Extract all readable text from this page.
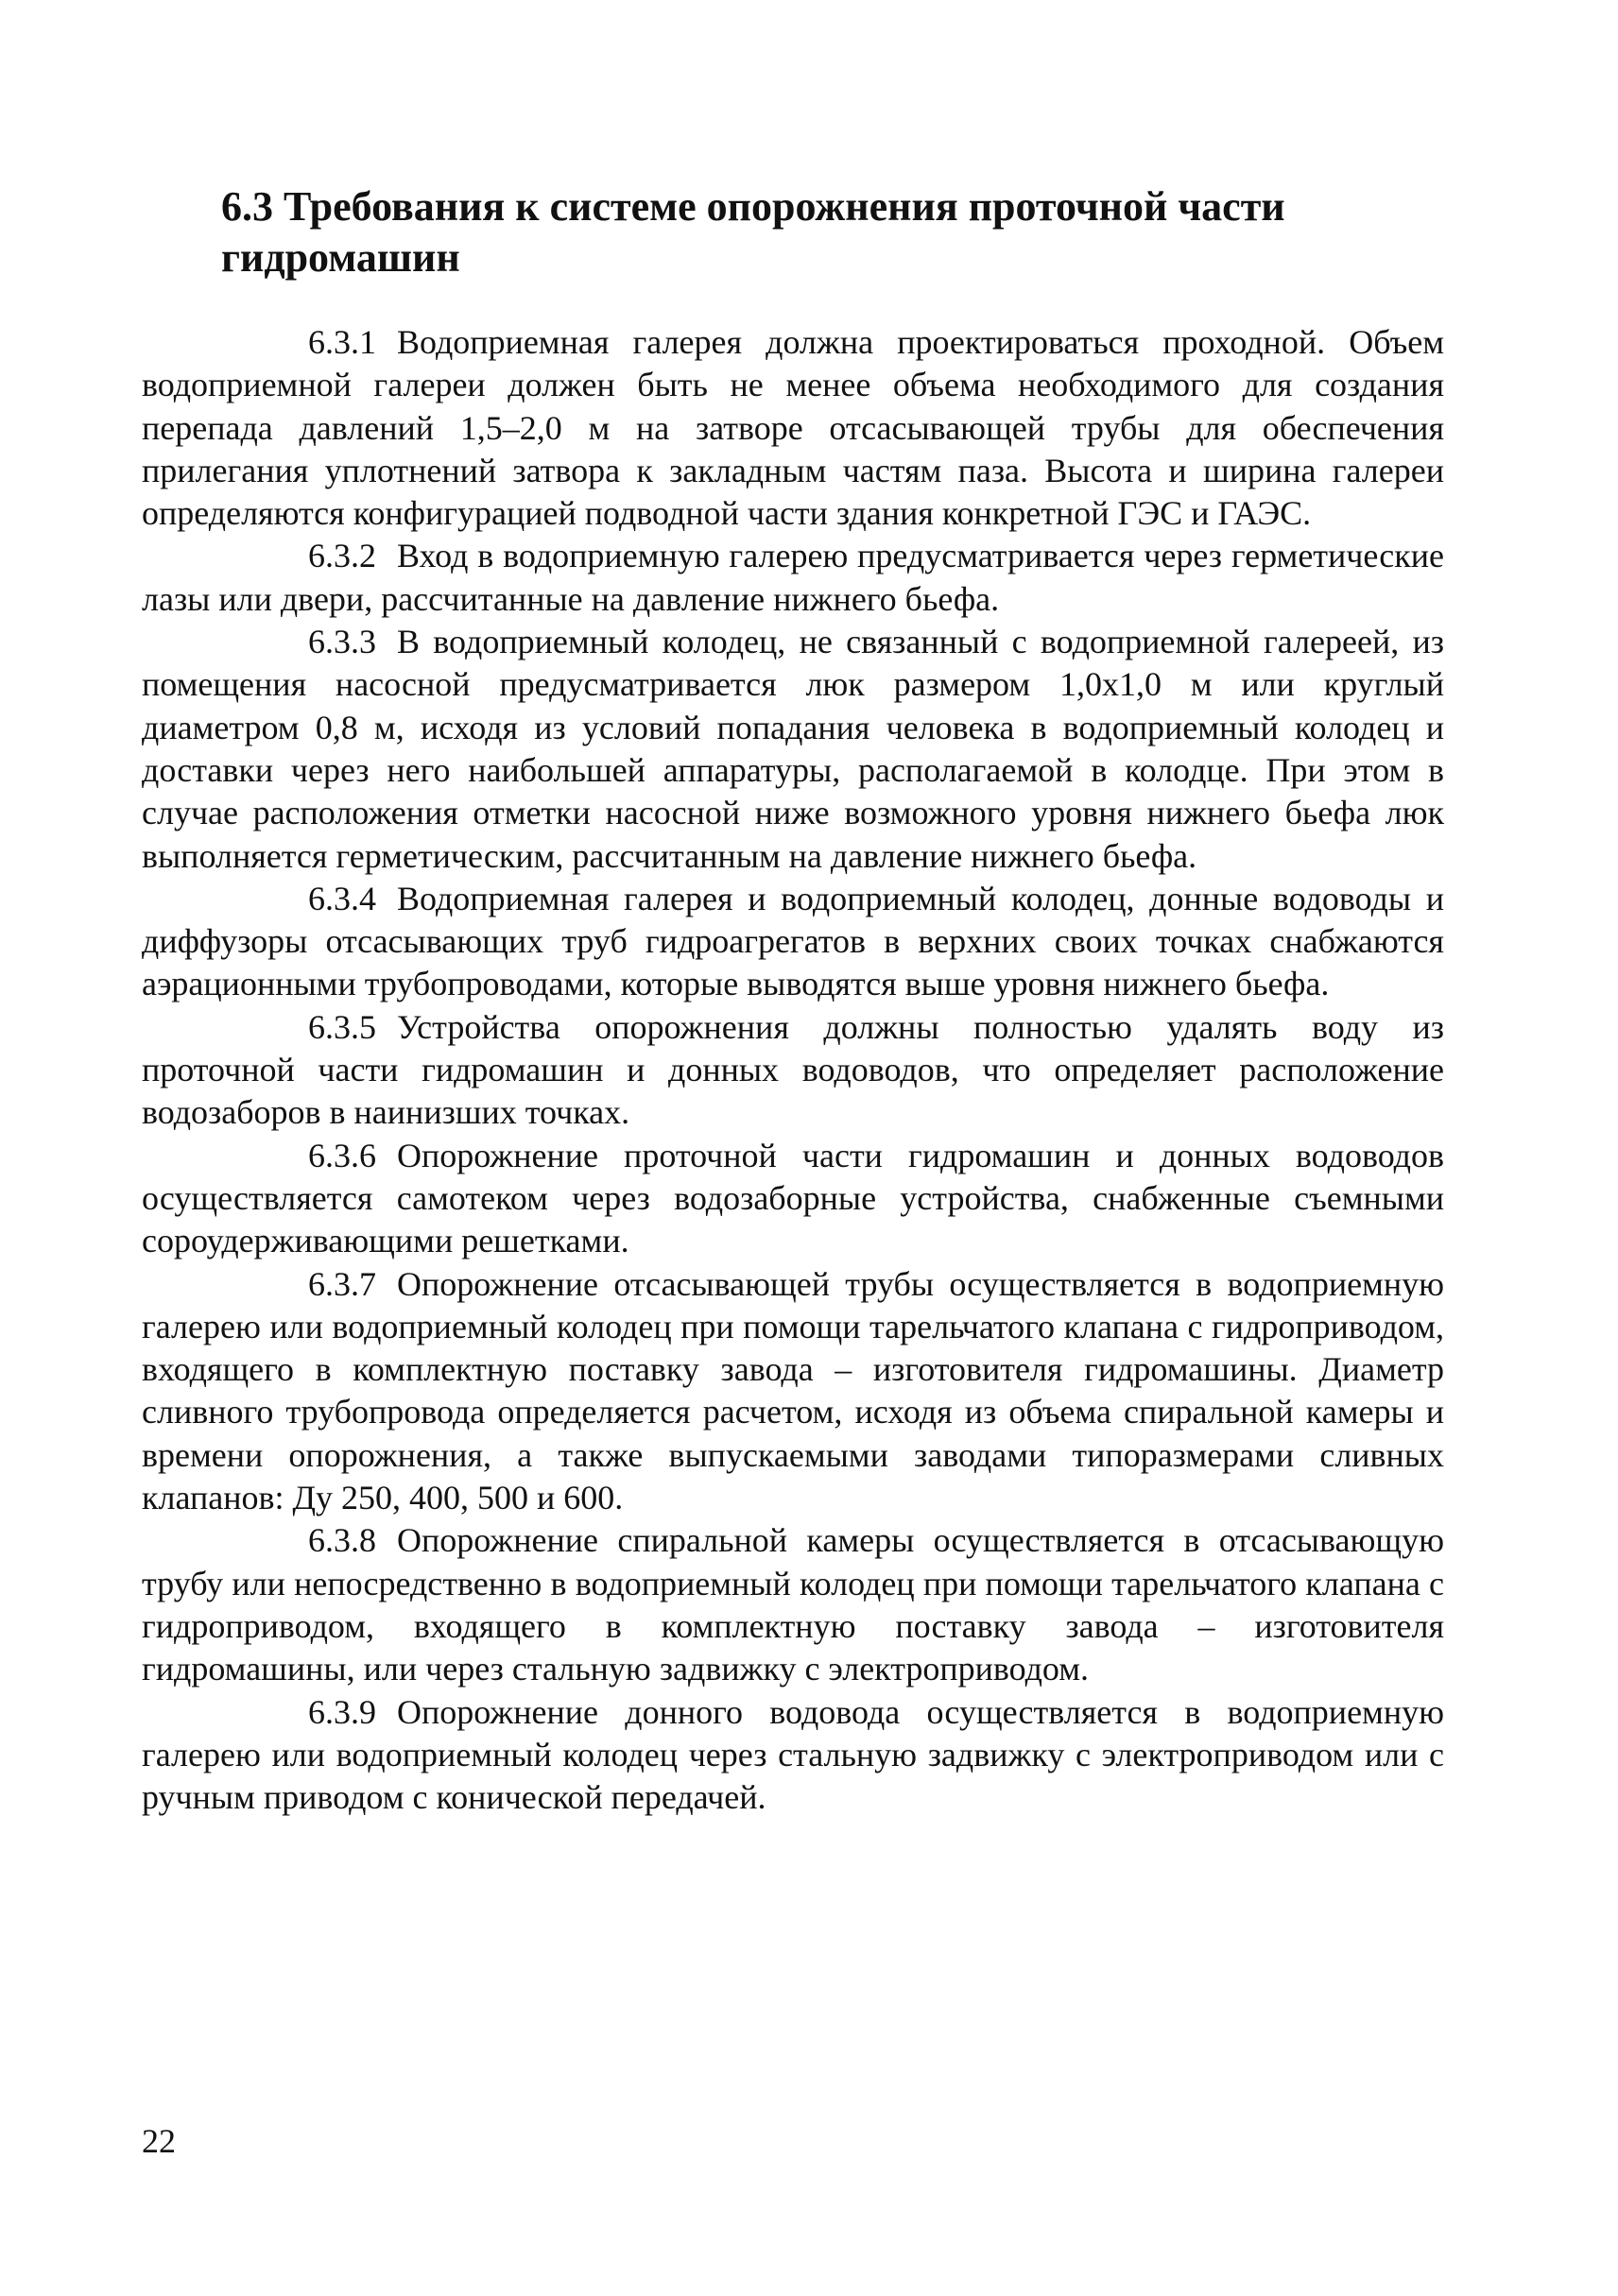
6.3 Требования к системе опорожнения проточной части гидромашин

6.3.1 Водоприемная галерея должна проектироваться проходной. Объем водоприемной галереи должен быть не менее объема необходимого для создания перепада давлений 1,5–2,0 м на затворе отсасывающей трубы для обеспечения прилегания уплотнений затвора к закладным частям паза. Высота и ширина галереи определяются конфигурацией подводной части здания конкретной ГЭС и ГАЭС.

6.3.2 Вход в водоприемную галерею предусматривается через герметические лазы или двери, рассчитанные на давление нижнего бьефа.

6.3.3 В водоприемный колодец, не связанный с водоприемной галереей, из помещения насосной предусматривается люк размером 1,0х1,0 м или круглый диаметром 0,8 м, исходя из условий попадания человека в водоприемный колодец и доставки через него наибольшей аппаратуры, располагаемой в колодце. При этом в случае расположения отметки насосной ниже возможного уровня нижнего бьефа люк выполняется герметическим, рассчитанным на давление нижнего бьефа.

6.3.4 Водоприемная галерея и водоприемный колодец, донные водоводы и диффузоры отсасывающих труб гидроагрегатов в верхних своих точках снабжаются аэрационными трубопроводами, которые выводятся выше уровня нижнего бьефа.

6.3.5 Устройства опорожнения должны полностью удалять воду из проточной части гидромашин и донных водоводов, что определяет расположение водозаборов в наинизших точках.

6.3.6 Опорожнение проточной части гидромашин и донных водоводов осуществляется самотеком через водозаборные устройства, снабженные съемными сороудерживающими решетками.

6.3.7 Опорожнение отсасывающей трубы осуществляется в водоприемную галерею или водоприемный колодец при помощи тарельчатого клапана с гидроприводом, входящего в комплектную поставку завода – изготовителя гидромашины. Диаметр сливного трубопровода определяется расчетом, исходя из объема спиральной камеры и времени опорожнения, а также выпускаемыми заводами типоразмерами сливных клапанов: Ду 250, 400, 500 и 600.

6.3.8 Опорожнение спиральной камеры осуществляется в отсасывающую трубу или непосредственно в водоприемный колодец при помощи тарельчатого клапана с гидроприводом, входящего в комплектную поставку завода – изготовителя гидромашины, или через стальную задвижку с электроприводом.

6.3.9 Опорожнение донного водовода осуществляется в водоприемную галерею или водоприемный колодец через стальную задвижку с электроприводом или с ручным приводом с конической передачей.

22
